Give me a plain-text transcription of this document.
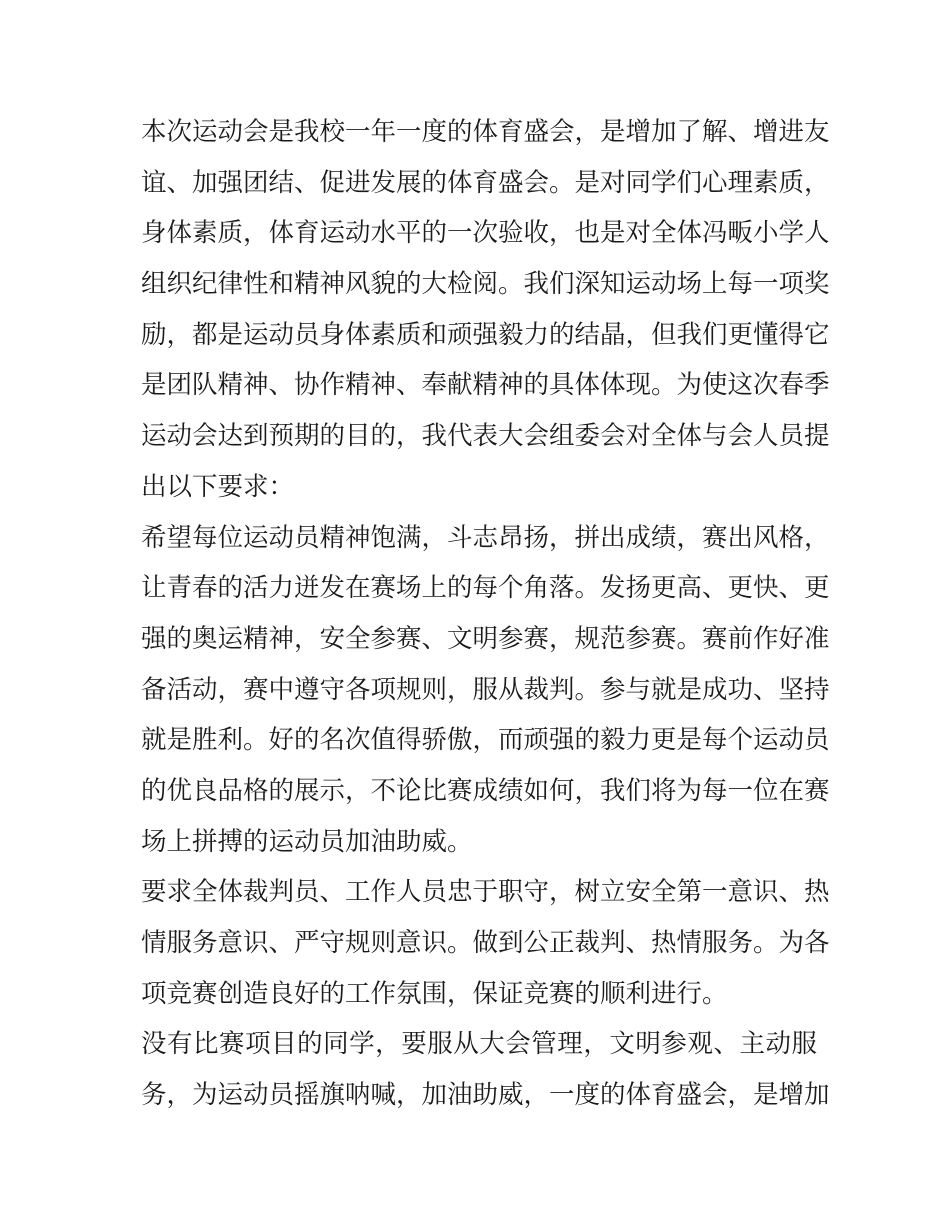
本次运动会是我校一年一度的体育盛会，是增加了解、增进友
谊、加强团结、促进发展的体育盛会。是对同学们心理素质，
身体素质，体育运动水平的一次验收，也是对全体冯畈小学人
组织纪律性和精神风貌的大检阅。我们深知运动场上每一项奖
励，都是运动员身体素质和顽强毅力的结晶，但我们更懂得它
是团队精神、协作精神、奉献精神的具体体现。为使这次春季
运动会达到预期的目的，我代表大会组委会对全体与会人员提
出以下要求：
希望每位运动员精神饱满，斗志昂扬，拼出成绩，赛出风格，
让青春的活力迸发在赛场上的每个角落。发扬更高、更快、更
强的奥运精神，安全参赛、文明参赛，规范参赛。赛前作好准
备活动，赛中遵守各项规则，服从裁判。参与就是成功、坚持
就是胜利。好的名次值得骄傲，而顽强的毅力更是每个运动员
的优良品格的展示，不论比赛成绩如何，我们将为每一位在赛
场上拼搏的运动员加油助威。
要求全体裁判员、工作人员忠于职守，树立安全第一意识、热
情服务意识、严守规则意识。做到公正裁判、热情服务。为各
项竞赛创造良好的工作氛围，保证竞赛的顺利进行。
没有比赛项目的同学，要服从大会管理，文明参观、主动服
务，为运动员摇旗呐喊，加油助威，一度的体育盛会，是增加
